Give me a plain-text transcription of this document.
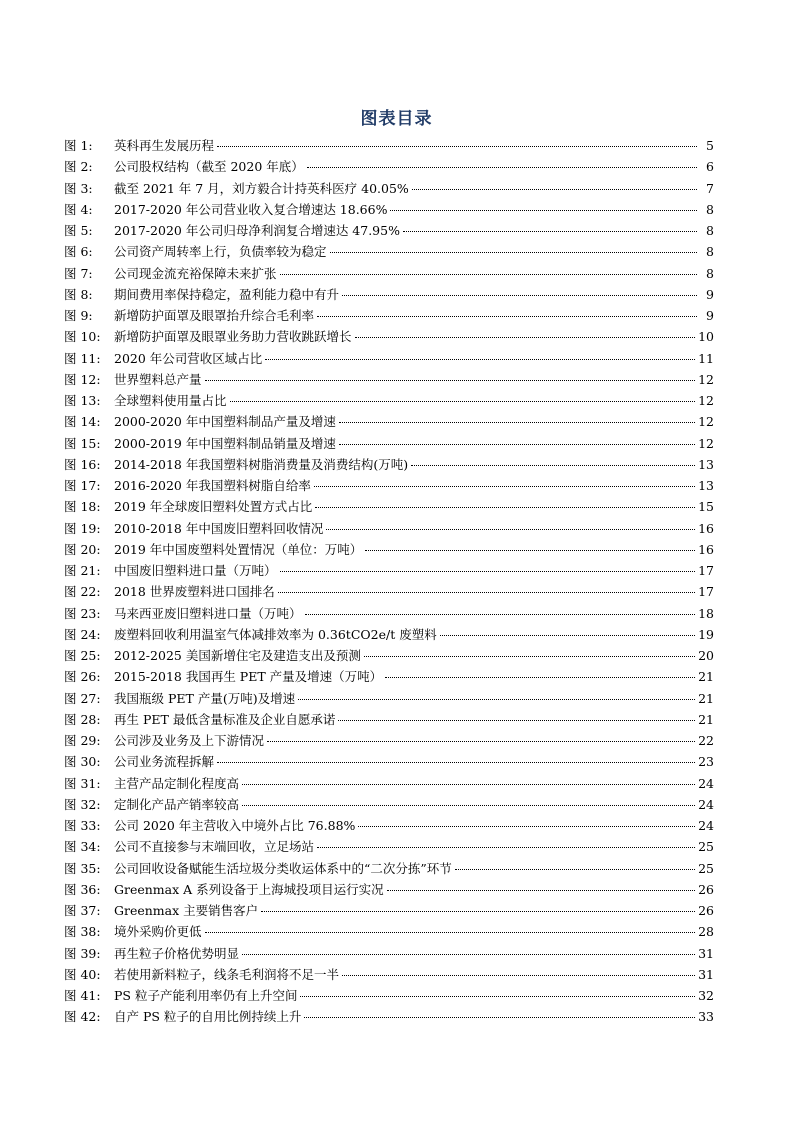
图表目录
图 1:	英科再生发展历程	5
图 2:	公司股权结构（截至 2020 年底）	6
图 3:	截至 2021 年 7 月，刘方毅合计持英科医疗 40.05%	7
图 4:	2017-2020 年公司营业收入复合增速达 18.66%	8
图 5:	2017-2020 年公司归母净利润复合增速达 47.95%	8
图 6:	公司资产周转率上行，负债率较为稳定	8
图 7:	公司现金流充裕保障未来扩张	8
图 8:	期间费用率保持稳定，盈利能力稳中有升	9
图 9:	新增防护面罩及眼罩抬升综合毛利率	9
图 10:	新增防护面罩及眼罩业务助力营收跳跃增长	10
图 11:	2020 年公司营收区域占比	11
图 12:	世界塑料总产量	12
图 13:	全球塑料使用量占比	12
图 14:	2000-2020 年中国塑料制品产量及增速	12
图 15:	2000-2019 年中国塑料制品销量及增速	12
图 16:	2014-2018 年我国塑料树脂消费量及消费结构(万吨)	13
图 17:	2016-2020 年我国塑料树脂自给率	13
图 18:	2019 年全球废旧塑料处置方式占比	15
图 19:	2010-2018 年中国废旧塑料回收情况	16
图 20:	2019 年中国废塑料处置情况（单位：万吨）	16
图 21:	中国废旧塑料进口量（万吨）	17
图 22:	2018 世界废塑料进口国排名	17
图 23:	马来西亚废旧塑料进口量（万吨）	18
图 24:	废塑料回收利用温室气体减排效率为 0.36tCO2e/t 废塑料	19
图 25:	2012-2025 美国新增住宅及建造支出及预测	20
图 26:	2015-2018 我国再生 PET 产量及增速（万吨）	21
图 27:	我国瓶级 PET 产量(万吨)及增速	21
图 28:	再生 PET 最低含量标准及企业自愿承诺	21
图 29:	公司涉及业务及上下游情况	22
图 30:	公司业务流程拆解	23
图 31:	主营产品定制化程度高	24
图 32:	定制化产品产销率较高	24
图 33:	公司 2020 年主营收入中境外占比 76.88%	24
图 34:	公司不直接参与末端回收，立足场站	25
图 35:	公司回收设备赋能生活垃圾分类收运体系中的“二次分拣”环节	25
图 36:	Greenmax A 系列设备于上海城投项目运行实况	26
图 37:	Greenmax 主要销售客户	26
图 38:	境外采购价更低	28
图 39:	再生粒子价格优势明显	31
图 40:	若使用新料粒子，线条毛利润将不足一半	31
图 41:	PS 粒子产能利用率仍有上升空间	32
图 42:	自产 PS 粒子的自用比例持续上升	33
